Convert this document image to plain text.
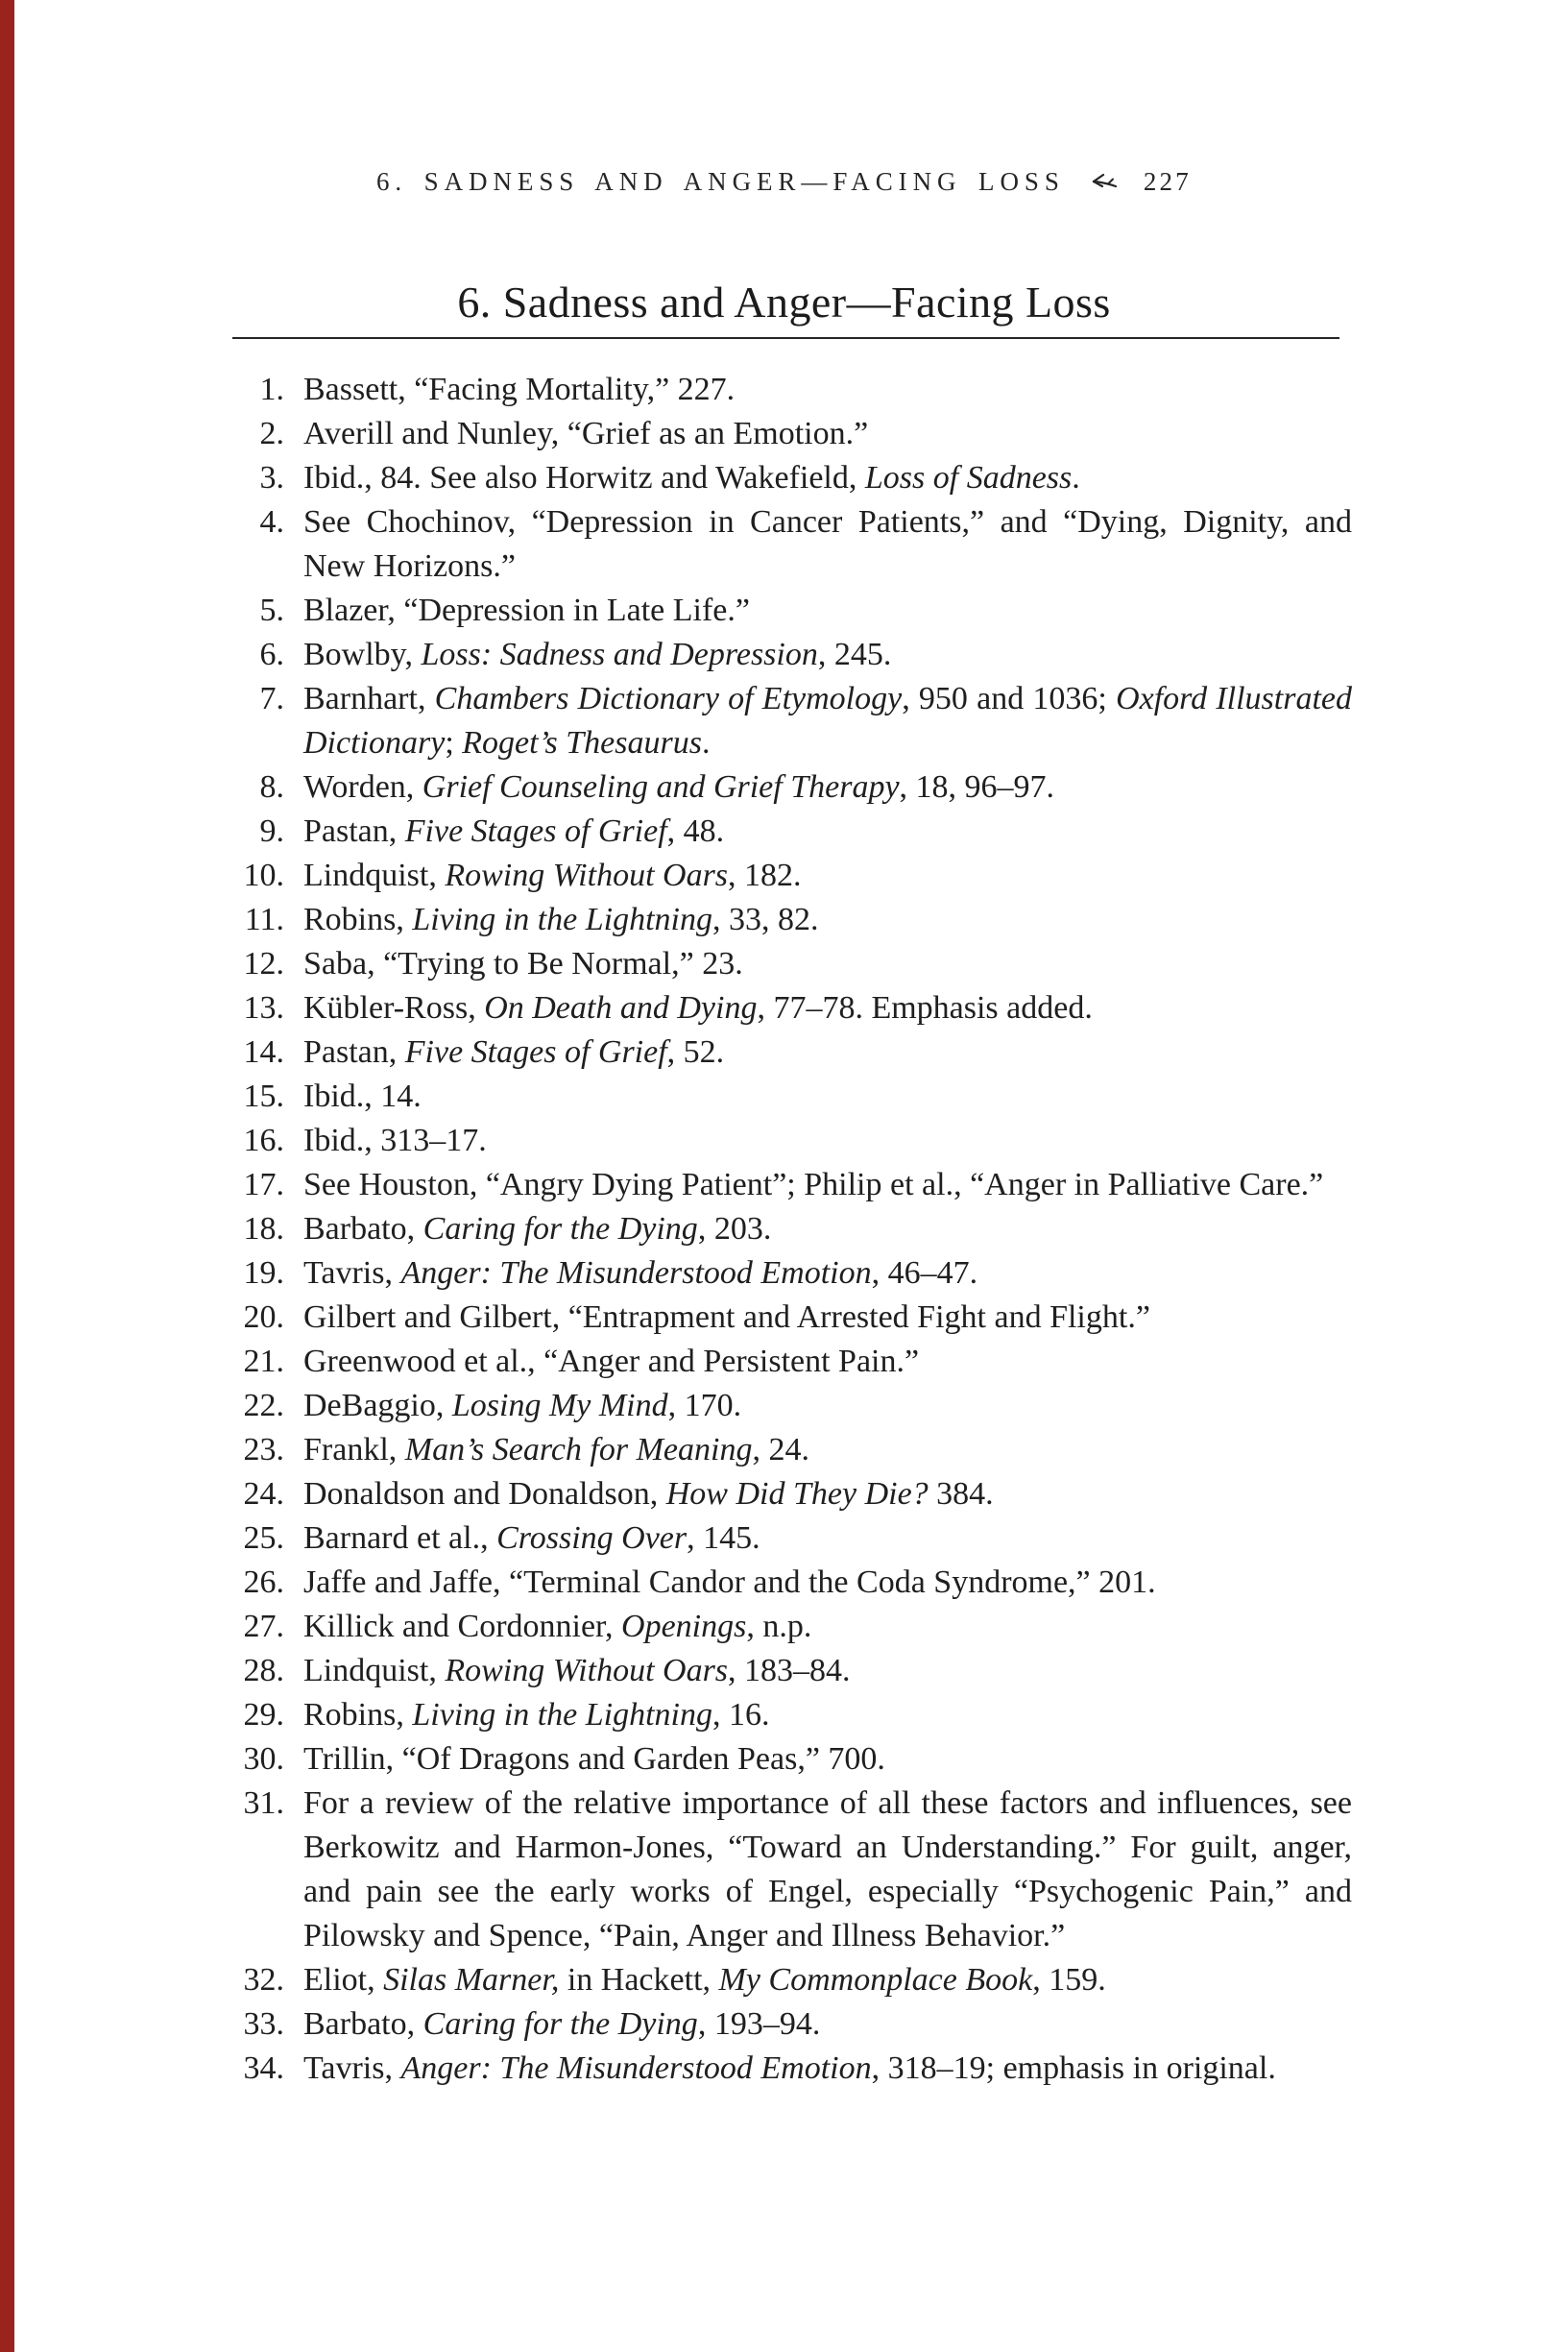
6. SADNESS AND ANGER—FACING LOSS	227
6. Sadness and Anger—Facing Loss
1. Bassett, “Facing Mortality,” 227.
2. Averill and Nunley, “Grief as an Emotion.”
3. Ibid., 84. See also Horwitz and Wakefield, Loss of Sadness.
4. See Chochinov, “Depression in Cancer Patients,” and “Dying, Dignity, and New Horizons.”
5. Blazer, “Depression in Late Life.”
6. Bowlby, Loss: Sadness and Depression, 245.
7. Barnhart, Chambers Dictionary of Etymology, 950 and 1036; Oxford Illustrated Dictionary; Roget’s Thesaurus.
8. Worden, Grief Counseling and Grief Therapy, 18, 96–97.
9. Pastan, Five Stages of Grief, 48.
10. Lindquist, Rowing Without Oars, 182.
11. Robins, Living in the Lightning, 33, 82.
12. Saba, “Trying to Be Normal,” 23.
13. Kübler-Ross, On Death and Dying, 77–78. Emphasis added.
14. Pastan, Five Stages of Grief, 52.
15. Ibid., 14.
16. Ibid., 313–17.
17. See Houston, “Angry Dying Patient”; Philip et al., “Anger in Palliative Care.”
18. Barbato, Caring for the Dying, 203.
19. Tavris, Anger: The Misunderstood Emotion, 46–47.
20. Gilbert and Gilbert, “Entrapment and Arrested Fight and Flight.”
21. Greenwood et al., “Anger and Persistent Pain.”
22. DeBaggio, Losing My Mind, 170.
23. Frankl, Man’s Search for Meaning, 24.
24. Donaldson and Donaldson, How Did They Die? 384.
25. Barnard et al., Crossing Over, 145.
26. Jaffe and Jaffe, “Terminal Candor and the Coda Syndrome,” 201.
27. Killick and Cordonnier, Openings, n.p.
28. Lindquist, Rowing Without Oars, 183–84.
29. Robins, Living in the Lightning, 16.
30. Trillin, “Of Dragons and Garden Peas,” 700.
31. For a review of the relative importance of all these factors and influences, see Berkowitz and Harmon-Jones, “Toward an Understanding.” For guilt, anger, and pain see the early works of Engel, especially “Psychogenic Pain,” and Pilowsky and Spence, “Pain, Anger and Illness Behavior.”
32. Eliot, Silas Marner, in Hackett, My Commonplace Book, 159.
33. Barbato, Caring for the Dying, 193–94.
34. Tavris, Anger: The Misunderstood Emotion, 318–19; emphasis in original.
